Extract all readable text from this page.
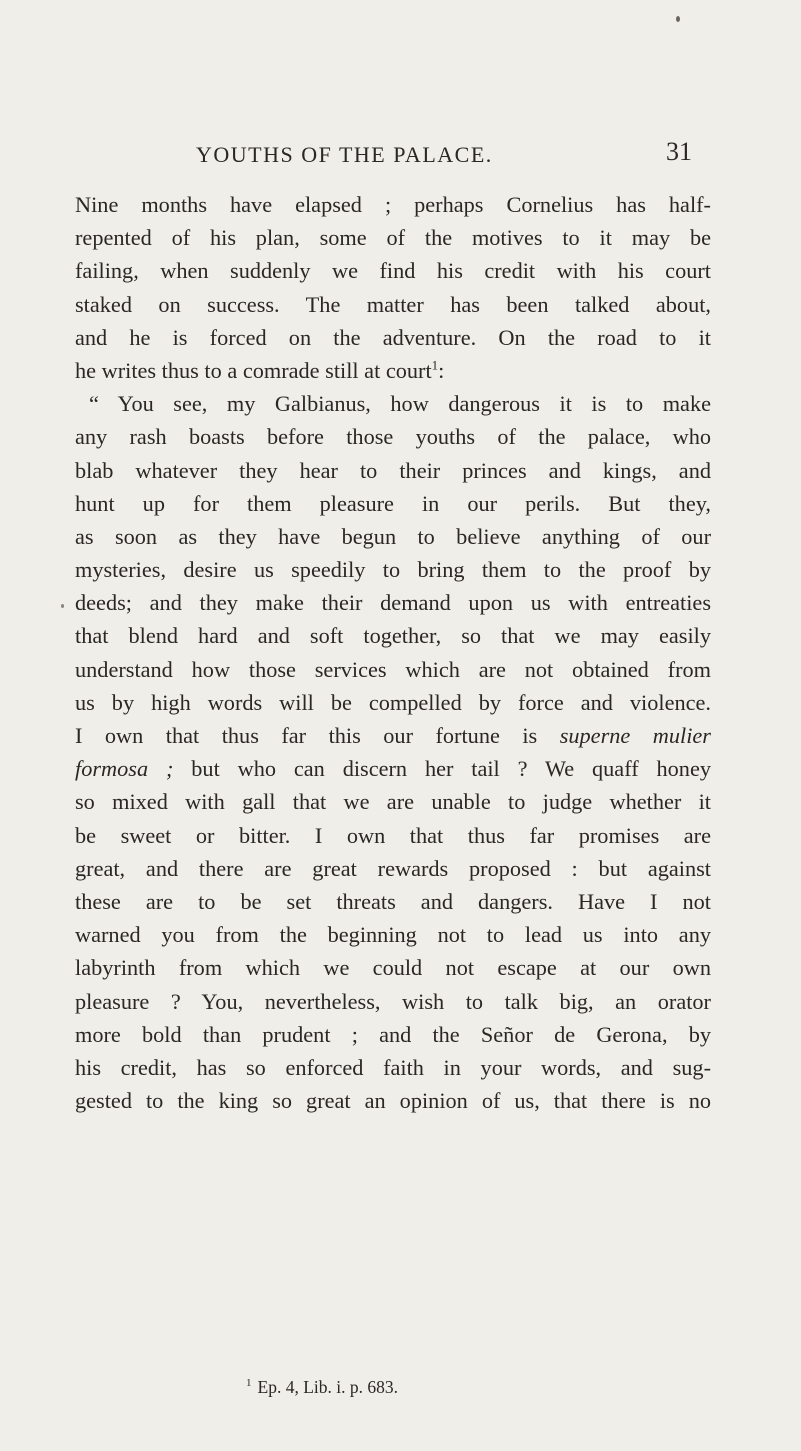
YOUTHS OF THE PALACE.	31
Nine months have elapsed ; perhaps Cornelius has half-
repented of his plan, some of the motives to it may be
failing, when suddenly we find his credit with his court
staked on success. The matter has been talked about,
and he is forced on the adventure. On the road to it
he writes thus to a comrade still at court$^1$:
“ You see, my Galbianus, how dangerous it is to make
any rash boasts before those youths of the palace, who
blab whatever they hear to their princes and kings, and
hunt up for them pleasure in our perils. But they,
as soon as they have begun to believe anything of our
mysteries, desire us speedily to bring them to the proof by
deeds; and they make their demand upon us with entreaties
that blend hard and soft together, so that we may easily
understand how those services which are not obtained from
us by high words will be compelled by force and violence.
I own that thus far this our fortune is superne mulier
formosa ; but who can discern her tail ? We quaff honey
so mixed with gall that we are unable to judge whether it
be sweet or bitter. I own that thus far promises are
great, and there are great rewards proposed : but against
these are to be set threats and dangers. Have I not
warned you from the beginning not to lead us into any
labyrinth from which we could not escape at our own
pleasure ? You, nevertheless, wish to talk big, an orator
more bold than prudent ; and the Señor de Gerona, by
his credit, has so enforced faith in your words, and sug-
gested to the king so great an opinion of us, that there is no
$^1$ Ep. 4, Lib. i. p. 683.
